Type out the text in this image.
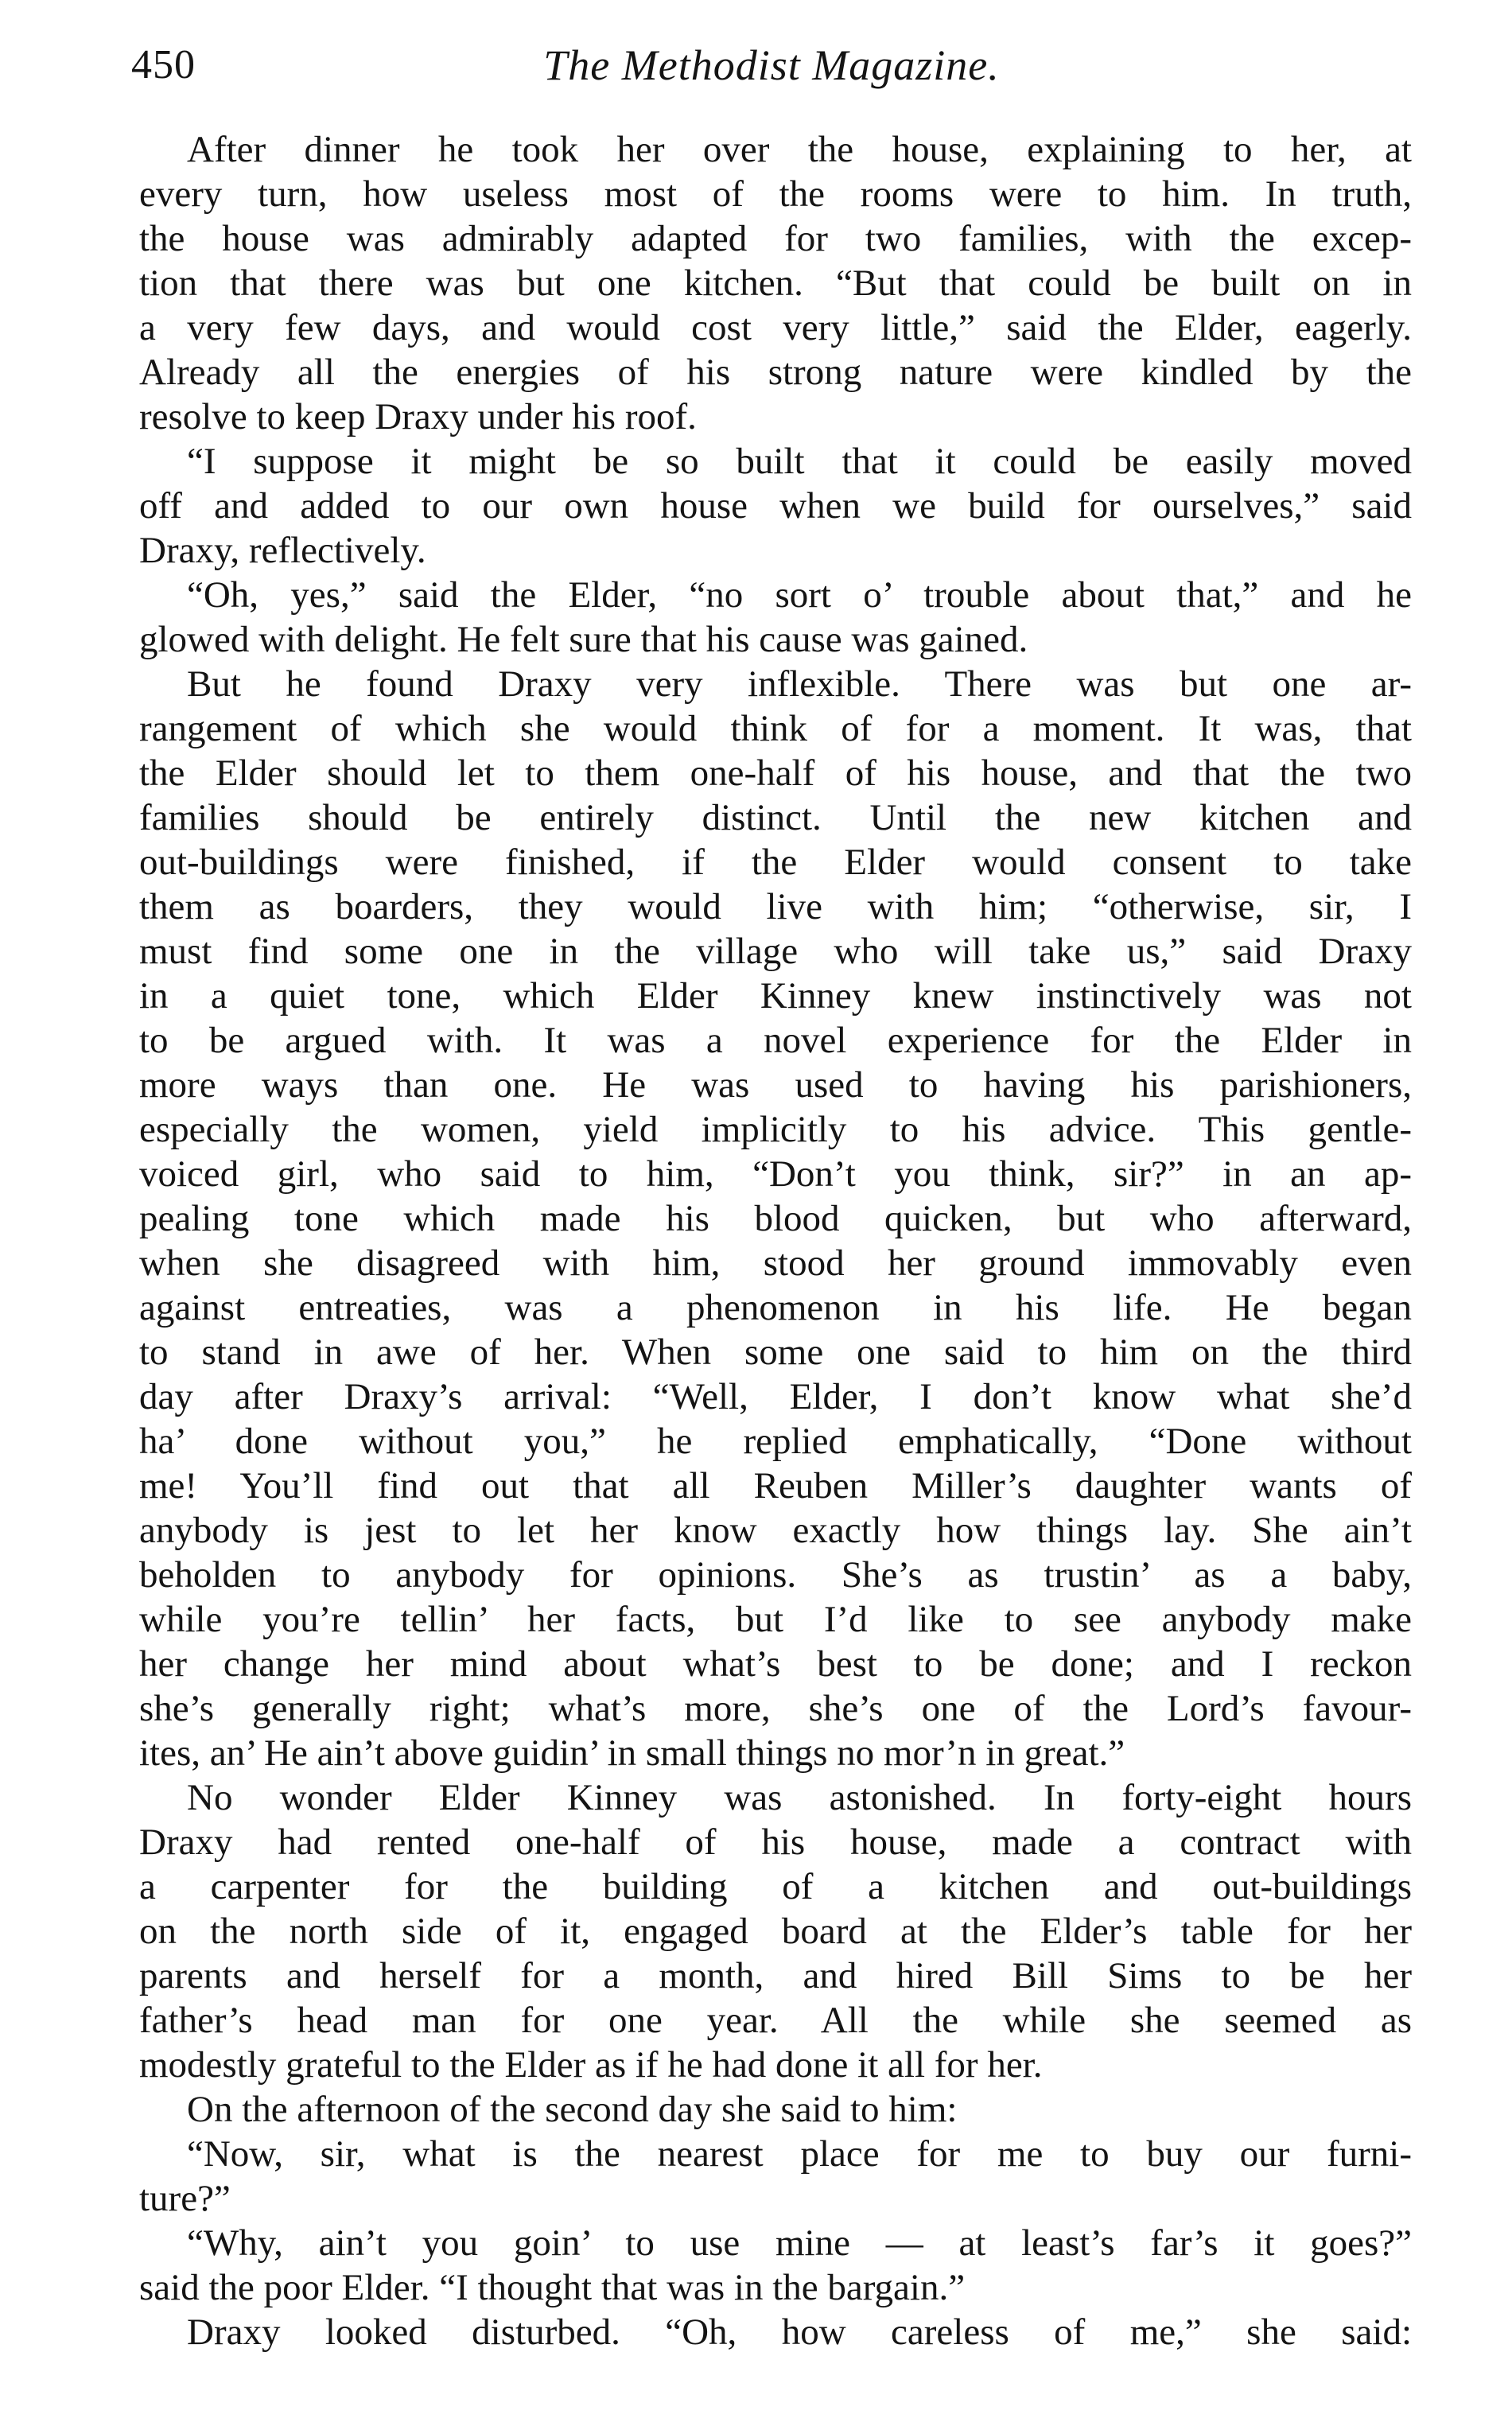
450	The Methodist Magazine.
After dinner he took her over the house, explaining to her, at
every turn, how useless most of the rooms were to him. In truth,
the house was admirably adapted for two families, with the excep-
tion that there was but one kitchen. “But that could be built on in
a very few days, and would cost very little,” said the Elder, eagerly.
Already all the energies of his strong nature were kindled by the
resolve to keep Draxy under his roof.
“I suppose it might be so built that it could be easily moved
off and added to our own house when we build for ourselves,” said
Draxy, reflectively.
“Oh, yes,” said the Elder, “no sort o’ trouble about that,” and he
glowed with delight. He felt sure that his cause was gained.
But he found Draxy very inflexible. There was but one ar-
rangement of which she would think of for a moment. It was, that
the Elder should let to them one-half of his house, and that the two
families should be entirely distinct. Until the new kitchen and
out-buildings were finished, if the Elder would consent to take
them as boarders, they would live with him; “otherwise, sir, I
must find some one in the village who will take us,” said Draxy
in a quiet tone, which Elder Kinney knew instinctively was not
to be argued with. It was a novel experience for the Elder in
more ways than one. He was used to having his parishioners,
especially the women, yield implicitly to his advice. This gentle-
voiced girl, who said to him, “Don’t you think, sir?” in an ap-
pealing tone which made his blood quicken, but who afterward,
when she disagreed with him, stood her ground immovably even
against entreaties, was a phenomenon in his life. He began
to stand in awe of her. When some one said to him on the third
day after Draxy’s arrival: “Well, Elder, I don’t know what she’d
ha’ done without you,” he replied emphatically, “Done without
me! You’ll find out that all Reuben Miller’s daughter wants of
anybody is jest to let her know exactly how things lay. She ain’t
beholden to anybody for opinions. She’s as trustin’ as a baby,
while you’re tellin’ her facts, but I’d like to see anybody make
her change her mind about what’s best to be done; and I reckon
she’s generally right; what’s more, she’s one of the Lord’s favour-
ites, an’ He ain’t above guidin’ in small things no mor’n in great.”
No wonder Elder Kinney was astonished. In forty-eight hours
Draxy had rented one-half of his house, made a contract with
a carpenter for the building of a kitchen and out-buildings
on the north side of it, engaged board at the Elder’s table for her
parents and herself for a month, and hired Bill Sims to be her
father’s head man for one year. All the while she seemed as
modestly grateful to the Elder as if he had done it all for her.
On the afternoon of the second day she said to him:
“Now, sir, what is the nearest place for me to buy our furni-
ture?”
“Why, ain’t you goin’ to use mine — at least’s far’s it goes?”
said the poor Elder. “I thought that was in the bargain.”
Draxy looked disturbed. “Oh, how careless of me,” she said:
